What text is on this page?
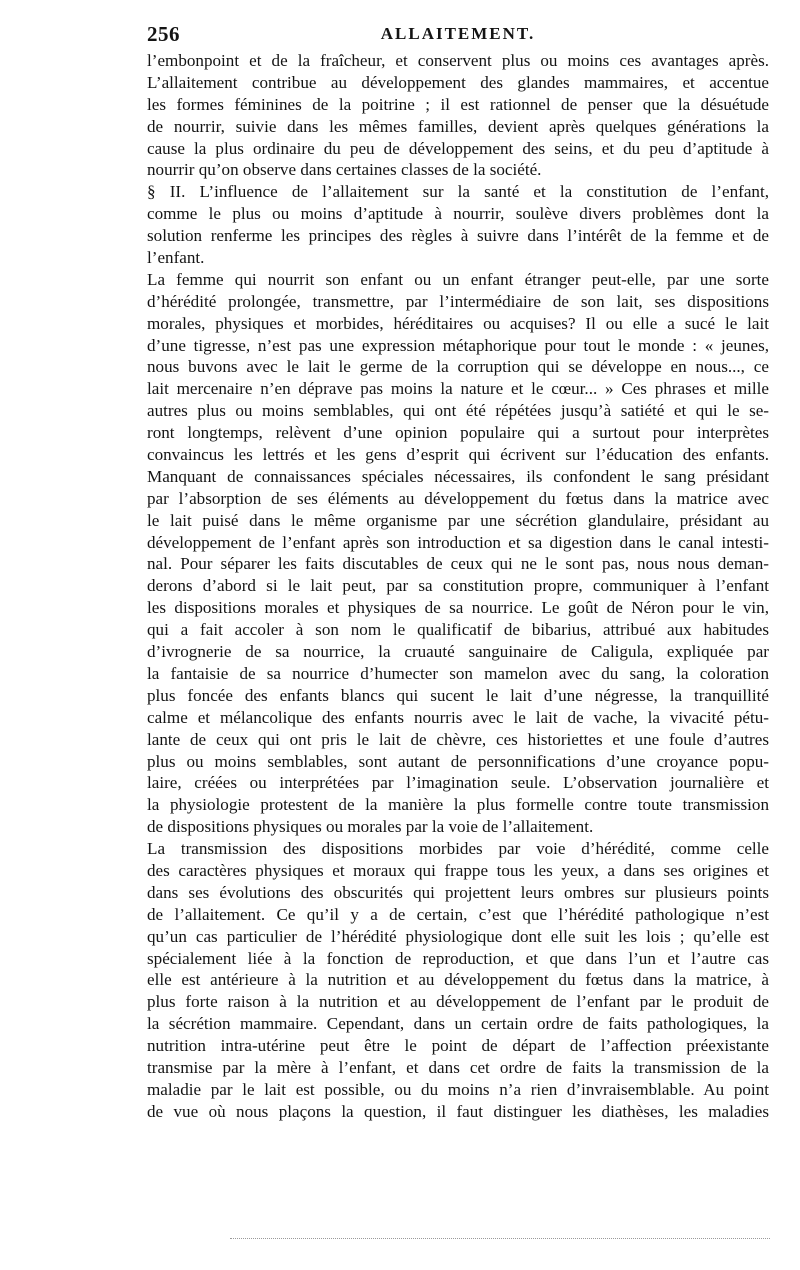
256	ALLAITEMENT.
l’embonpoint et de la fraîcheur, et conservent plus ou moins ces avantages après.
L’allaitement contribue au développement des glandes mammaires, et accentue
les formes féminines de la poitrine ; il est rationnel de penser que la désuétude
de nourrir, suivie dans les mêmes familles, devient après quelques générations la
cause la plus ordinaire du peu de développement des seins, et du peu d’aptitude à
nourrir qu’on observe dans certaines classes de la société.
§ II. L’influence de l’allaitement sur la santé et la constitution de l’enfant,
comme le plus ou moins d’aptitude à nourrir, soulève divers problèmes dont la
solution renferme les principes des règles à suivre dans l’intérêt de la femme et de
l’enfant.
La femme qui nourrit son enfant ou un enfant étranger peut-elle, par une sorte
d’hérédité prolongée, transmettre, par l’intermédiaire de son lait, ses dispositions
morales, physiques et morbides, héréditaires ou acquises? Il ou elle a sucé le lait
d’une tigresse, n’est pas une expression métaphorique pour tout le monde : « jeunes,
nous buvons avec le lait le germe de la corruption qui se développe en nous..., ce
lait mercenaire n’en déprave pas moins la nature et le cœur... » Ces phrases et mille
autres plus ou moins semblables, qui ont été répétées jusqu’à satiété et qui le se-
ront longtemps, relèvent d’une opinion populaire qui a surtout pour interprètes
convaincus les lettrés et les gens d’esprit qui écrivent sur l’éducation des enfants.
Manquant de connaissances spéciales nécessaires, ils confondent le sang présidant
par l’absorption de ses éléments au développement du fœtus dans la matrice avec
le lait puisé dans le même organisme par une sécrétion glandulaire, présidant au
développement de l’enfant après son introduction et sa digestion dans le canal intesti-
nal. Pour séparer les faits discutables de ceux qui ne le sont pas, nous nous deman-
derons d’abord si le lait peut, par sa constitution propre, communiquer à l’enfant
les dispositions morales et physiques de sa nourrice. Le goût de Néron pour le vin,
qui a fait accoler à son nom le qualificatif de bibarius, attribué aux habitudes
d’ivrognerie de sa nourrice, la cruauté sanguinaire de Caligula, expliquée par
la fantaisie de sa nourrice d’humecter son mamelon avec du sang, la coloration
plus foncée des enfants blancs qui sucent le lait d’une négresse, la tranquillité
calme et mélancolique des enfants nourris avec le lait de vache, la vivacité pétu-
lante de ceux qui ont pris le lait de chèvre, ces historiettes et une foule d’autres
plus ou moins semblables, sont autant de personnifications d’une croyance popu-
laire, créées ou interprétées par l’imagination seule. L’observation journalière et
la physiologie protestent de la manière la plus formelle contre toute transmission
de dispositions physiques ou morales par la voie de l’allaitement.
La transmission des dispositions morbides par voie d’hérédité, comme celle
des caractères physiques et moraux qui frappe tous les yeux, a dans ses origines et
dans ses évolutions des obscurités qui projettent leurs ombres sur plusieurs points
de l’allaitement. Ce qu’il y a de certain, c’est que l’hérédité pathologique n’est
qu’un cas particulier de l’hérédité physiologique dont elle suit les lois ; qu’elle est
spécialement liée à la fonction de reproduction, et que dans l’un et l’autre cas
elle est antérieure à la nutrition et au développement du fœtus dans la matrice, à
plus forte raison à la nutrition et au développement de l’enfant par le produit de
la sécrétion mammaire. Cependant, dans un certain ordre de faits pathologiques, la
nutrition intra-utérine peut être le point de départ de l’affection préexistante
transmise par la mère à l’enfant, et dans cet ordre de faits la transmission de la
maladie par le lait est possible, ou du moins n’a rien d’invraisemblable. Au point
de vue où nous plaçons la question, il faut distinguer les diathèses, les maladies
